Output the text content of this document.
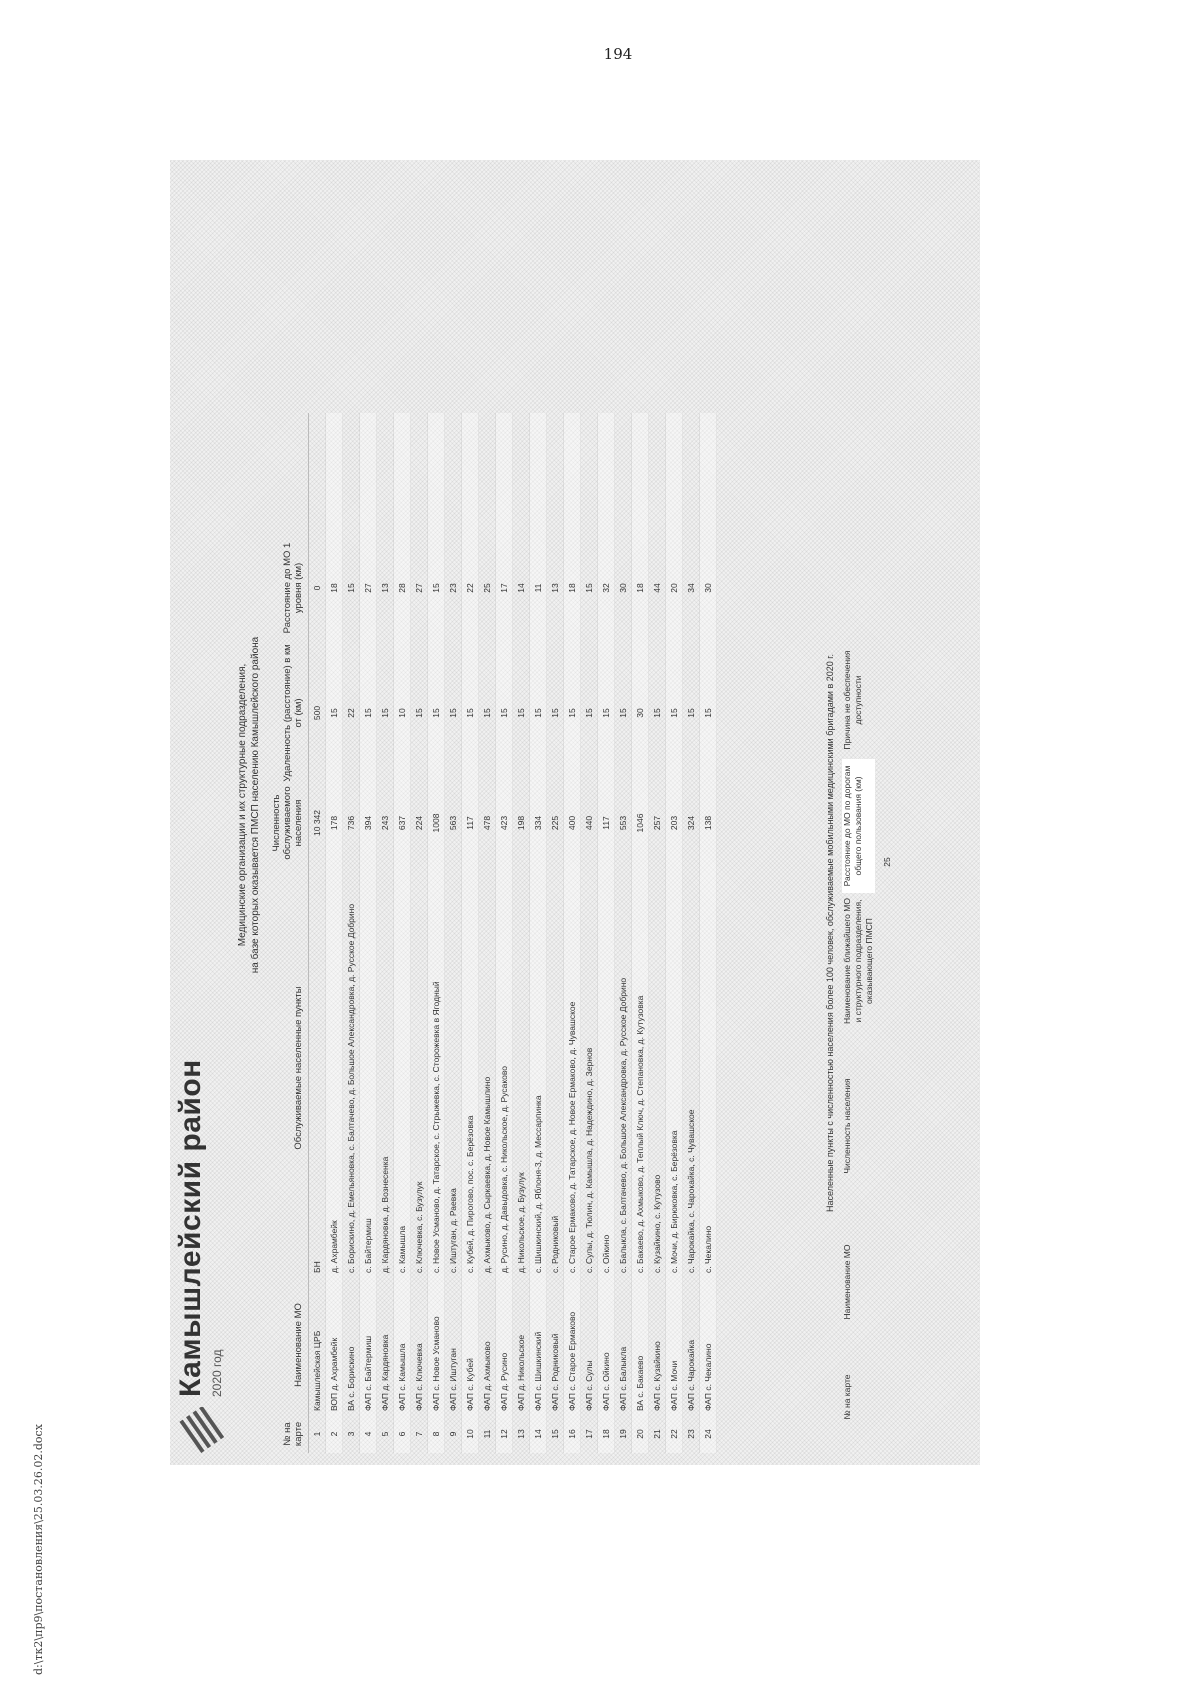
194
Камышлейский район 2020 год
Медицинские организации и их структурные подразделения, на базе которых оказывается ПМСП населению Камышлейского района
№ на карте
Наименование МО
Обслуживаемые населенные пункты
Численность обслуживаемого населения
Удаленность (расстояние) в км от (км)
Расстояние до МО 1 уровня (км)
1
Камышлейская ЦРБ
БН
10 342
500
0
2
ВОП д. Ахрамбейк
д. Ахрамбейк
178
15
18
3
ВА с. Борискино
с. Борискино, д. Емельяновка, с. Балтачево, д. Большое Александровка, д. Русское Добрино
736
22
15
4
ФАП с. Байтермиш
с. Байтермиш
394
15
27
5
ФАП д. Кардяновка
д. Кардяновка, д. Вознесенка
243
15
13
6
ФАП с. Камышла
с. Камышла
637
10
28
7
ФАП с. Ключевка
с. Ключевка, с. Бузулук
224
15
27
8
ФАП с. Новое Усманово
с. Новое Усманово, д. Татарское, с. Стрыжевка, с. Сторожевка в Ягодный
1008
15
15
9
ФАП с. Иштуган
с. Иштуган, д. Раевка
563
15
23
10
ФАП с. Кубей
с. Кубей, д. Пирогово, пос. с. Берёзовка
117
15
22
11
ФАП д. Ахмыково
д. Ахмыково, д. Сыркаевка, д. Новое Камышлино
478
15
25
12
ФАП д. Русино
д. Русино, д. Давыдовка, с. Никольское, д. Русаково
423
15
17
13
ФАП д. Никольское
д. Никольское, д. Бузулук
198
15
14
14
ФАП с. Шишкинский
с. Шишкинский, д. Яблоня-3, д. Мессарпинка
334
15
11
15
ФАП с. Родниковый
с. Родниковый
225
15
13
16
ФАП с. Старое Ермаково
с. Старое Ермаково, д. Татарское, д. Новое Ермаково, д. Чувашское
400
15
18
17
ФАП с. Сулы
с. Сулы, д. Тюлин, д. Камышла, д. Надеждино, д. Зернов
440
15
15
18
ФАП с. Ойкино
с. Ойкино
117
15
32
19
ФАП с. Балыкла
с. Балыкла, с. Балтачево, д. Большое Александровка, д. Русское Добрино
553
15
30
20
ВА с. Бакаево
с. Бакаево, д. Ахмыково, д. Теплый Ключ, д. Степановка, д. Кутузовка
1046
30
18
21
ФАП с. Кузайкино
с. Кузайкино, с. Кутузово
257
15
44
22
ФАП с. Мочи
с. Мочи, д. Бирюковка, с. Берёзовка
203
15
20
23
ФАП с. Чарокайка
с. Чарокайка, с. Чарокайка, с. Чувашское
324
15
34
24
ФАП с. Чекалино
с. Чекалино
138
15
30
Населенные пункты с численностью населения более 100 человек, обслуживаемые мобильными медицинскими бригадами в 2020 г.
№ на карте
Наименование МО
Численность населения
Наименование ближайшего МО и структурного подразделения, оказывающего ПМСП
Расстояние до МО по дорогам общего пользования (км)
Причина не обеспечения доступности
25
d:\тк2\пр9\постановления\25.03.26.02.docx
